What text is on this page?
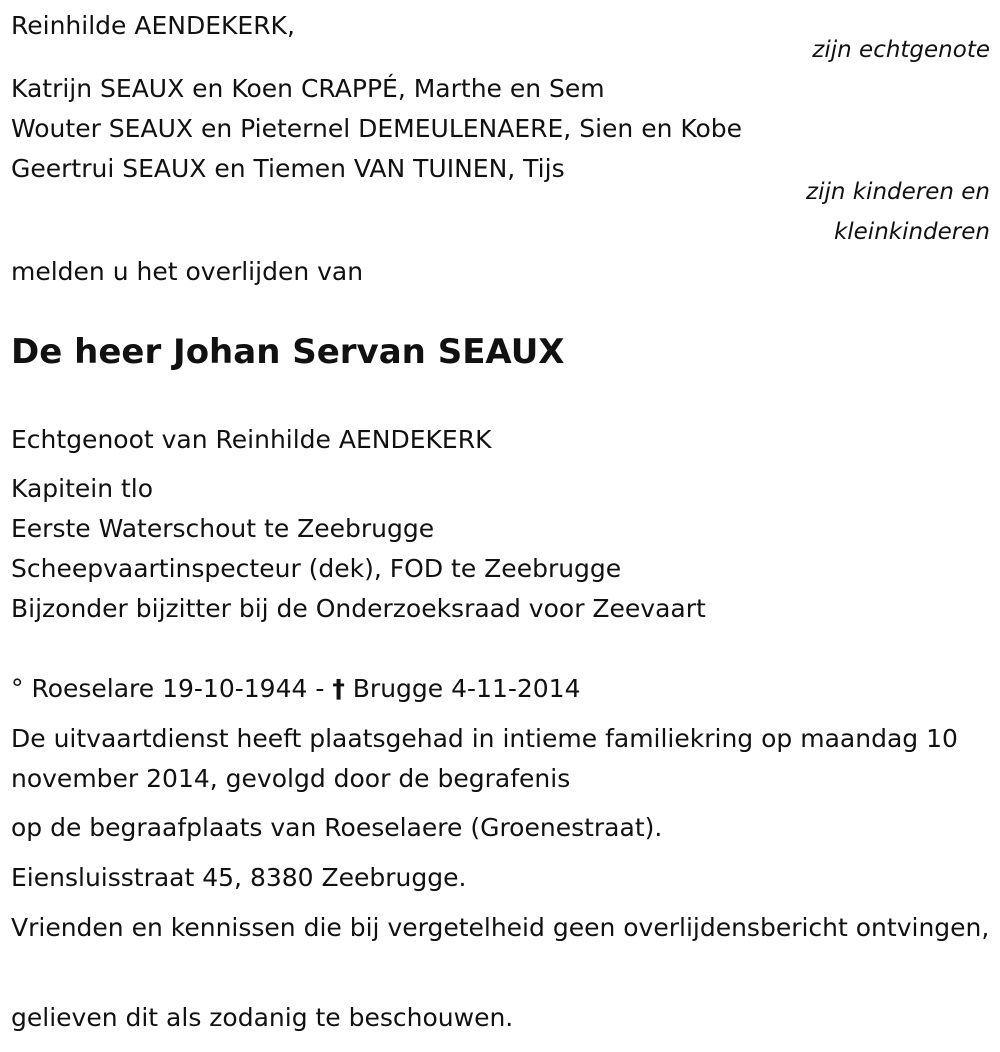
Reinhilde AENDEKERK,
zijn echtgenote
Katrijn SEAUX en Koen CRAPPÉ, Marthe en Sem
Wouter SEAUX en Pieternel DEMEULENAERE, Sien en Kobe
Geertrui SEAUX en Tiemen VAN TUINEN, Tijs
zijn kinderen en
kleinkinderen
melden u het overlijden van
De heer Johan Servan SEAUX
Echtgenoot van Reinhilde AENDEKERK
Kapitein tlo
Eerste Waterschout te Zeebrugge
Scheepvaartinspecteur (dek), FOD te Zeebrugge
Bijzonder bijzitter bij de Onderzoeksraad voor Zeevaart
° Roeselare 19-10-1944 - † Brugge 4-11-2014
De uitvaartdienst heeft plaatsgehad in intieme familiekring op maandag 10 november 2014, gevolgd door de begrafenis
op de begraafplaats van Roeselaere (Groenestraat).
Eiensluisstraat 45, 8380 Zeebrugge.
Vrienden en kennissen die bij vergetelheid geen overlijdensbericht ontvingen,
gelieven dit als zodanig te beschouwen.
